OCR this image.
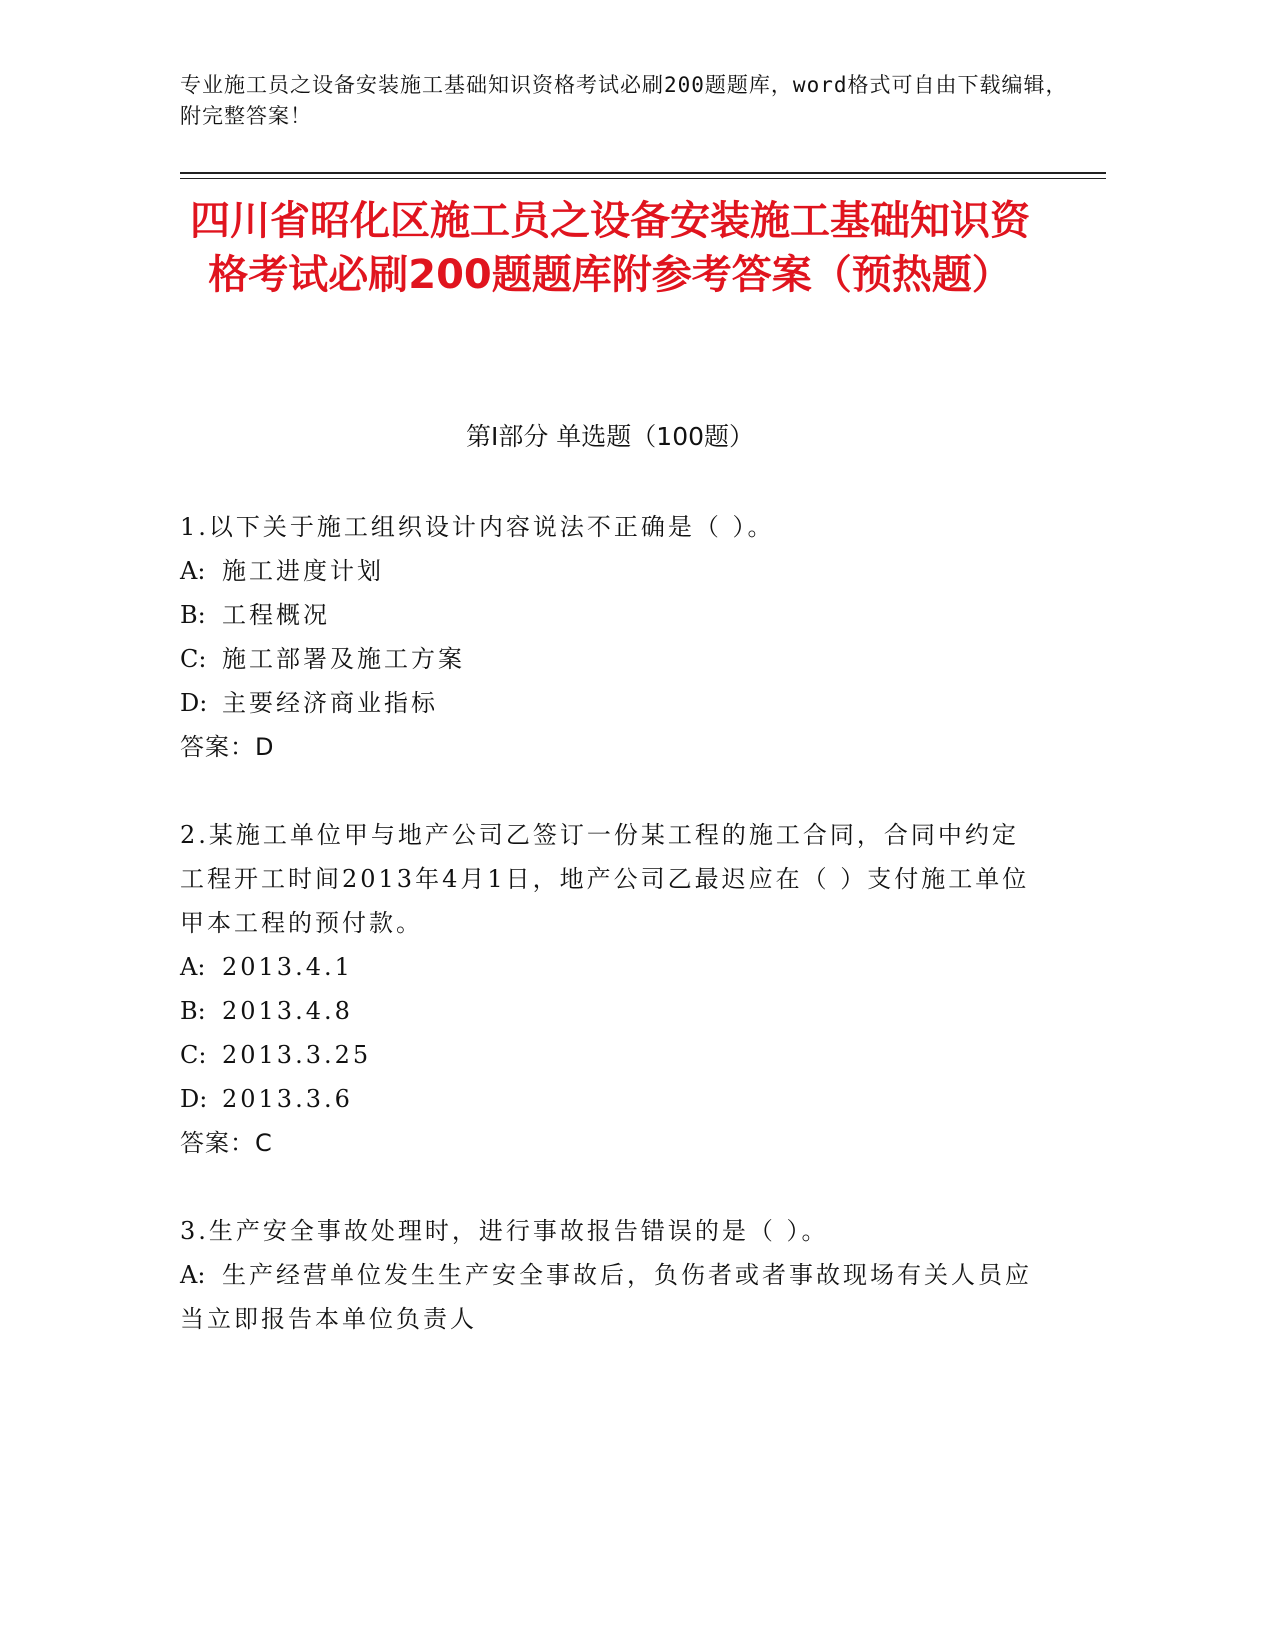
专业施工员之设备安装施工基础知识资格考试必刷200题题库，word格式可自由下载编辑，附完整答案！
四川省昭化区施工员之设备安装施工基础知识资格考试必刷200题题库附参考答案（预热题）
第Ⅰ部分 单选题（100题）
1.以下关于施工组织设计内容说法不正确是（ ）。
A: 施工进度计划
B: 工程概况
C: 施工部署及施工方案
D: 主要经济商业指标
答案：D
2.某施工单位甲与地产公司乙签订一份某工程的施工合同，合同中约定工程开工时间2013年4月1日，地产公司乙最迟应在（ ）支付施工单位甲本工程的预付款。
A: 2013.4.1
B: 2013.4.8
C: 2013.3.25
D: 2013.3.6
答案：C
3.生产安全事故处理时，进行事故报告错误的是（ ）。
A: 生产经营单位发生生产安全事故后，负伤者或者事故现场有关人员应当立即报告本单位负责人
